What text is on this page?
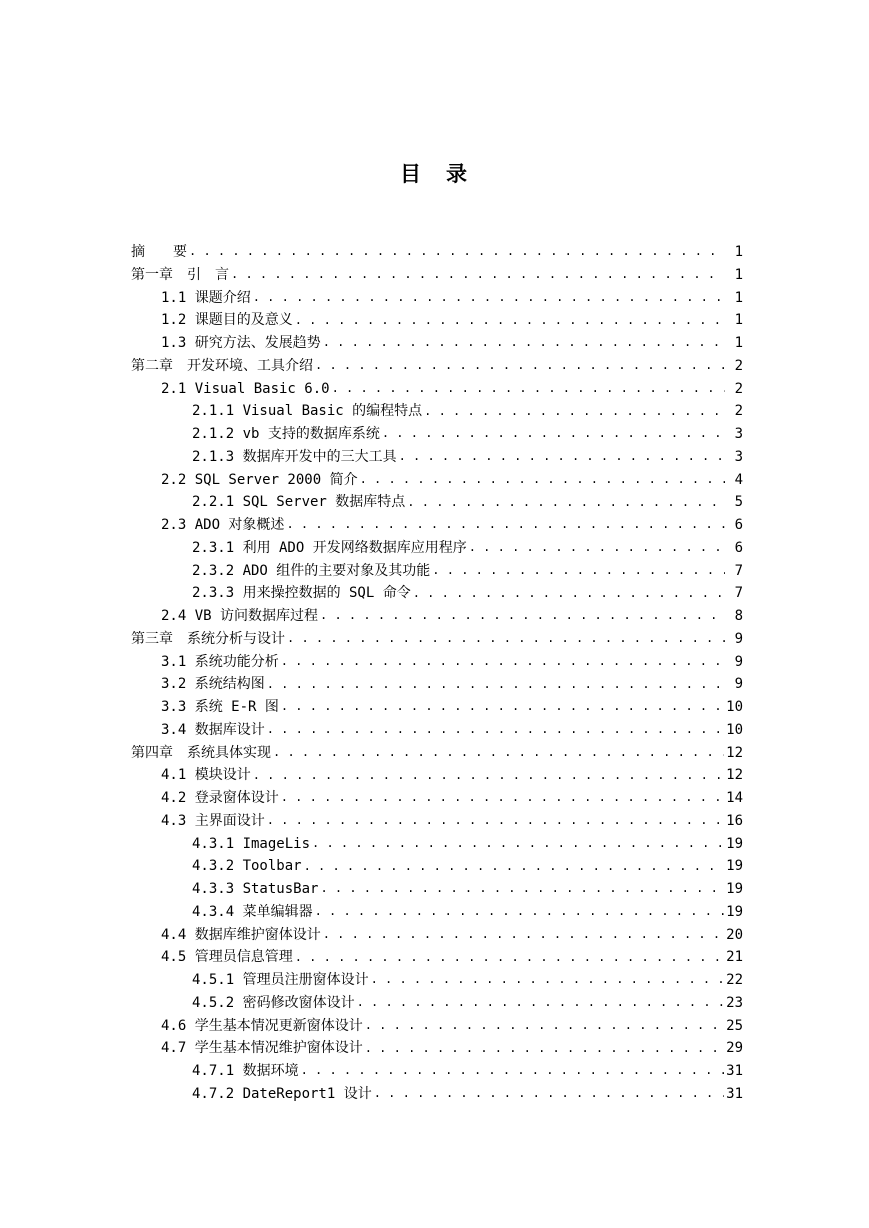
目　录
摘　　要 . . .	1
第一章　引　言 . . .	1
1.1 课题介绍 . . .	1
1.2 课题目的及意义 . . .	1
1.3 研究方法、发展趋势 . . .	1
第二章　开发环境、工具介绍 . . .	2
2.1 Visual Basic 6.0 . . .	2
2.1.1 Visual Basic 的编程特点 . . .	2
2.1.2 vb 支持的数据库系统 . . .	3
2.1.3 数据库开发中的三大工具 . . .	3
2.2 SQL Server 2000 简介 . . .	4
2.2.1 SQL Server 数据库特点 . . .	5
2.3 ADO 对象概述 . . .	6
2.3.1 利用 ADO 开发网络数据库应用程序 . . .	6
2.3.2 ADO 组件的主要对象及其功能 . . .	7
2.3.3 用来操控数据的 SQL 命令 . . .	7
2.4 VB 访问数据库过程 . . .	8
第三章　系统分析与设计 . . .	9
3.1 系统功能分析 . . .	9
3.2 系统结构图 . . .	9
3.3 系统 E-R 图 . . .	10
3.4 数据库设计 . . .	10
第四章　系统具体实现 . . .	12
4.1 模块设计 . . .	12
4.2 登录窗体设计 . . .	14
4.3 主界面设计 . . .	16
4.3.1 ImageLis . . .	19
4.3.2 Toolbar . . .	19
4.3.3 StatusBar . . .	19
4.3.4 菜单编辑器 . . .	19
4.4 数据库维护窗体设计 . . .	20
4.5 管理员信息管理 . . .	21
4.5.1 管理员注册窗体设计 . . .	22
4.5.2 密码修改窗体设计 . . .	23
4.6 学生基本情况更新窗体设计 . . .	25
4.7 学生基本情况维护窗体设计 . . .	29
4.7.1 数据环境 . . .	31
4.7.2 DateReport1 设计 . . .	31
